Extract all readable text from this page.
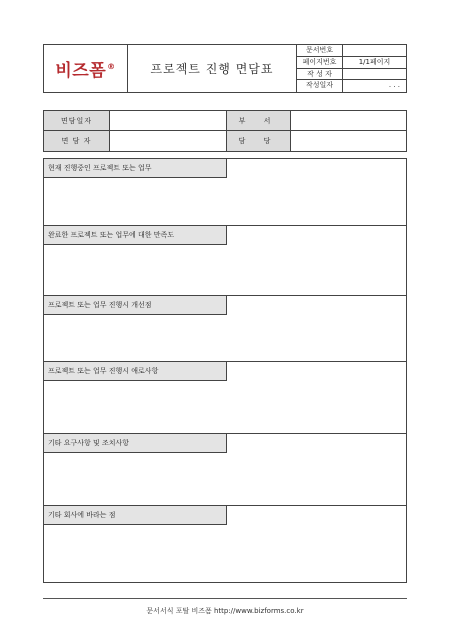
비즈폼®	프로젝트 진행 면담표
문서번호
페이지번호	1/1페이지
작 성 자
작성일자	. . .
면담일자	부 서
면 담 자	담 당
현재 진행중인 프로젝트 또는 업무
완료한 프로젝트 또는 업무에 대한 만족도
프로젝트 또는 업무 진행시 개선점
프로젝트 또는 업무 진행시 애로사항
기타 요구사항 및 조치사항
기타 회사에 바라는 점
문서서식 포탈 비즈폼 http://www.bizforms.co.kr
